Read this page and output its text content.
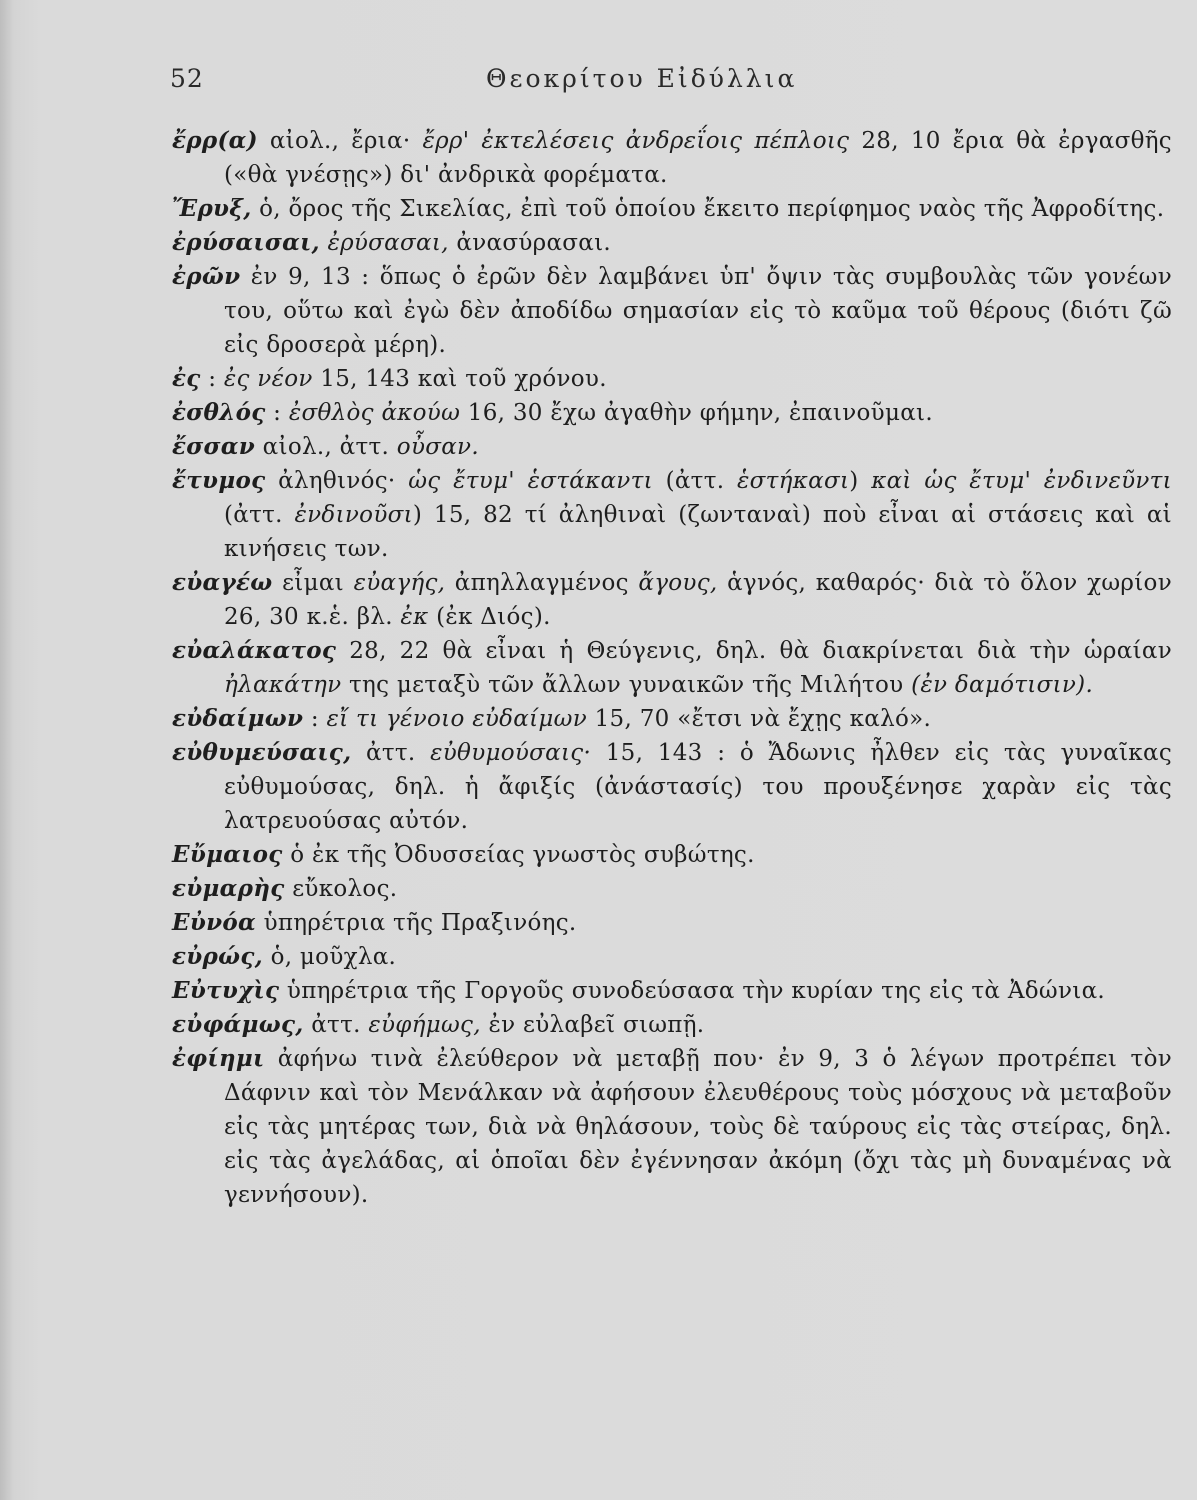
52	Θεοκρίτου Εἰδύλλια

ἔρρ(α) αἰολ., ἔρια· ἔρρ' ἐκτελέσεις ἀνδρεΐοις πέπλοις 28, 10 ἔρια θὰ ἐργασθῆς («θὰ γνέσῃς») δι' ἀνδρικὰ φορέματα.

Ἔρυξ, ὁ, ὄρος τῆς Σικελίας, ἐπὶ τοῦ ὁποίου ἔκειτο περίφημος ναὸς τῆς Ἀφροδίτης.

ἐρύσαισαι, ἐρύσασαι, ἀνασύρασαι.

ἐρῶν ἐν 9, 13 : ὅπως ὁ ἐρῶν δὲν λαμβάνει ὑπ' ὄψιν τὰς συμβουλὰς τῶν γονέων του, οὕτω καὶ ἐγὼ δὲν ἀποδίδω σημασίαν εἰς τὸ καῦμα τοῦ θέρους (διότι ζῶ εἰς δροσερὰ μέρη).

ἐς : ἐς νέον 15, 143 καὶ τοῦ χρόνου.

ἐσθλός : ἐσθλὸς ἀκούω 16, 30 ἔχω ἀγαθὴν φήμην, ἐπαινοῦμαι.

ἔσσαν αἰολ., ἀττ. οὖσαν.

ἔτυμος ἀληθινός· ὡς ἔτυμ' ἑστάκαντι (ἀττ. ἑστήκασι) καὶ ὡς ἔτυμ' ἐνδινεῦντι (ἀττ. ἐνδινοῦσι) 15, 82 τί ἀληθιναὶ (ζωνταναὶ) ποὺ εἶναι αἱ στάσεις καὶ αἱ κινήσεις των.

εὐαγέω εἶμαι εὐαγής, ἀπηλλαγμένος ἄγους, ἁγνός, καθαρός· διὰ τὸ ὅλον χωρίον 26, 30 κ.ἑ. βλ. ἐκ (ἐκ Διός).

εὐαλάκατος 28, 22 θὰ εἶναι ἡ Θεύγενις, δηλ. θὰ διακρίνεται διὰ τὴν ὡραίαν ἠλακάτην της μεταξὺ τῶν ἄλλων γυναικῶν τῆς Μιλήτου (ἐν δαμότισιν).

εὐδαίμων : εἴ τι γένοιο εὐδαίμων 15, 70 «ἔτσι νὰ ἔχῃς καλό».

εὐθυμεύσαις, ἀττ. εὐθυμούσαις· 15, 143 : ὁ Ἄδωνις ἦλθεν εἰς τὰς γυναῖκας εὐθυμούσας, δηλ. ἡ ἄφιξίς (ἀνάστασίς) του προυξένησε χαρὰν εἰς τὰς λατρευούσας αὐτόν.

Εὔμαιος ὁ ἐκ τῆς Ὀδυσσείας γνωστὸς συβώτης.

εὐμαρὴς εὔκολος.

Εὐνόα ὑπηρέτρια τῆς Πραξινόης.

εὐρώς, ὁ, μοῦχλα.

Εὐτυχὶς ὑπηρέτρια τῆς Γοργοῦς συνοδεύσασα τὴν κυρίαν της εἰς τὰ Ἀδώνια.

εὐφάμως, ἀττ. εὐφήμως, ἐν εὐλαβεῖ σιωπῇ.

ἐφίημι ἀφήνω τινὰ ἐλεύθερον νὰ μεταβῇ που· ἐν 9, 3 ὁ λέγων προτρέπει τὸν Δάφνιν καὶ τὸν Μενάλκαν νὰ ἀφήσουν ἐλευθέρους τοὺς μόσχους νὰ μεταβοῦν εἰς τὰς μητέρας των, διὰ νὰ θηλάσουν, τοὺς δὲ ταύρους εἰς τὰς στείρας, δηλ. εἰς τὰς ἀγελάδας, αἱ ὁποῖαι δὲν ἐγέννησαν ἀκόμη (ὄχι τὰς μὴ δυναμένας νὰ γεννήσουν).
